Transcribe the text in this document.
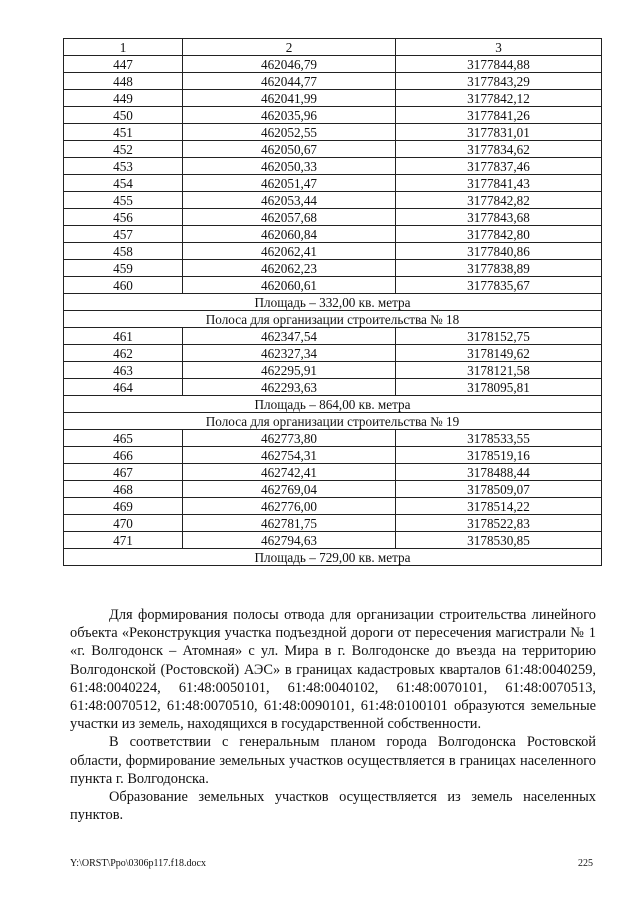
1	2	3
447	462046,79	3177844,88
448	462044,77	3177843,29
449	462041,99	3177842,12
450	462035,96	3177841,26
451	462052,55	3177831,01
452	462050,67	3177834,62
453	462050,33	3177837,46
454	462051,47	3177841,43
455	462053,44	3177842,82
456	462057,68	3177843,68
457	462060,84	3177842,80
458	462062,41	3177840,86
459	462062,23	3177838,89
460	462060,61	3177835,67
Площадь – 332,00 кв. метра		
Полоса для организации строительства № 18		
461	462347,54	3178152,75
462	462327,34	3178149,62
463	462295,91	3178121,58
464	462293,63	3178095,81
Площадь – 864,00 кв. метра		
Полоса для организации строительства № 19		
465	462773,80	3178533,55
466	462754,31	3178519,16
467	462742,41	3178488,44
468	462769,04	3178509,07
469	462776,00	3178514,22
470	462781,75	3178522,83
471	462794,63	3178530,85
Площадь – 729,00 кв. метра		

Для формирования полосы отвода для организации строительства линейного объекта «Реконструкция участка подъездной дороги от пересечения магистрали № 1 «г. Волгодонск – Атомная» с ул. Мира в г. Волгодонске до въезда на территорию Волгодонской (Ростовской) АЭС» в границах кадастровых кварталов 61:48:0040259, 61:48:0040224, 61:48:0050101, 61:48:0040102, 61:48:0070101, 61:48:0070513, 61:48:0070512, 61:48:0070510, 61:48:0090101, 61:48:0100101 образуются земельные участки из земель, находящихся в государственной собственности.

В соответствии с генеральным планом города Волгодонска Ростовской области, формирование земельных участков осуществляется в границах населенного пункта г. Волгодонска.

Образование земельных участков осуществляется из земель населенных пунктов.

Y:\ORST\Ppo\0306p117.f18.docx	225
